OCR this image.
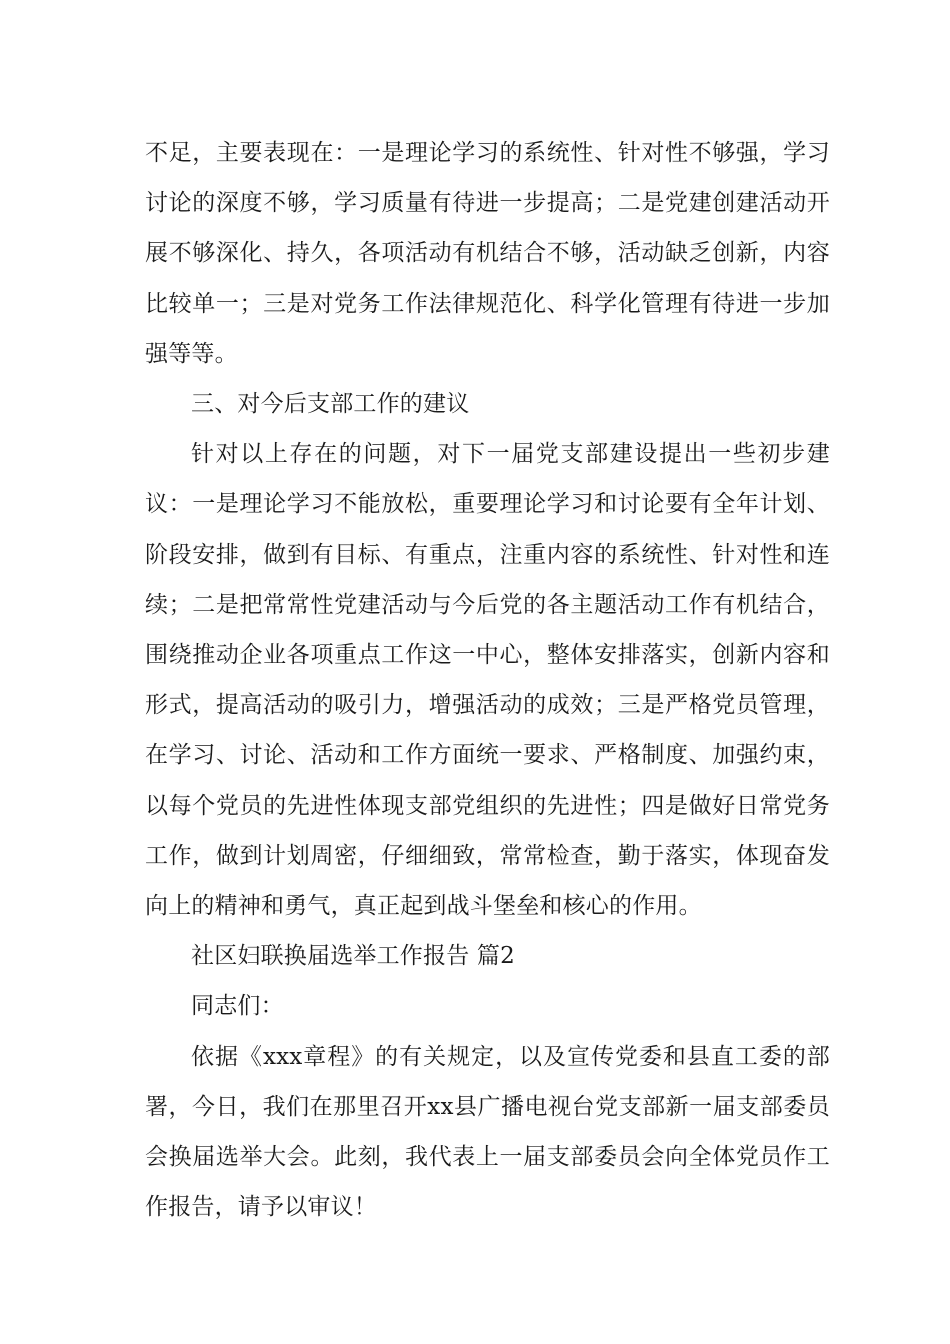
不足，主要表现在：一是理论学习的系统性、针对性不够强，学习讨论的深度不够，学习质量有待进一步提高；二是党建创建活动开展不够深化、持久，各项活动有机结合不够，活动缺乏创新，内容比较单一；三是对党务工作法律规范化、科学化管理有待进一步加强等等。

三、对今后支部工作的建议

针对以上存在的问题，对下一届党支部建设提出一些初步建议：一是理论学习不能放松，重要理论学习和讨论要有全年计划、阶段安排，做到有目标、有重点，注重内容的系统性、针对性和连续；二是把常常性党建活动与今后党的各主题活动工作有机结合，围绕推动企业各项重点工作这一中心，整体安排落实，创新内容和形式，提高活动的吸引力，增强活动的成效；三是严格党员管理，在学习、讨论、活动和工作方面统一要求、严格制度、加强约束，以每个党员的先进性体现支部党组织的先进性；四是做好日常党务工作，做到计划周密，仔细细致，常常检查，勤于落实，体现奋发向上的精神和勇气，真正起到战斗堡垒和核心的作用。

社区妇联换届选举工作报告 篇2

同志们：

依据《xxx章程》的有关规定，以及宣传党委和县直工委的部署，今日，我们在那里召开xx县广播电视台党支部新一届支部委员会换届选举大会。此刻，我代表上一届支部委员会向全体党员作工作报告，请予以审议！
